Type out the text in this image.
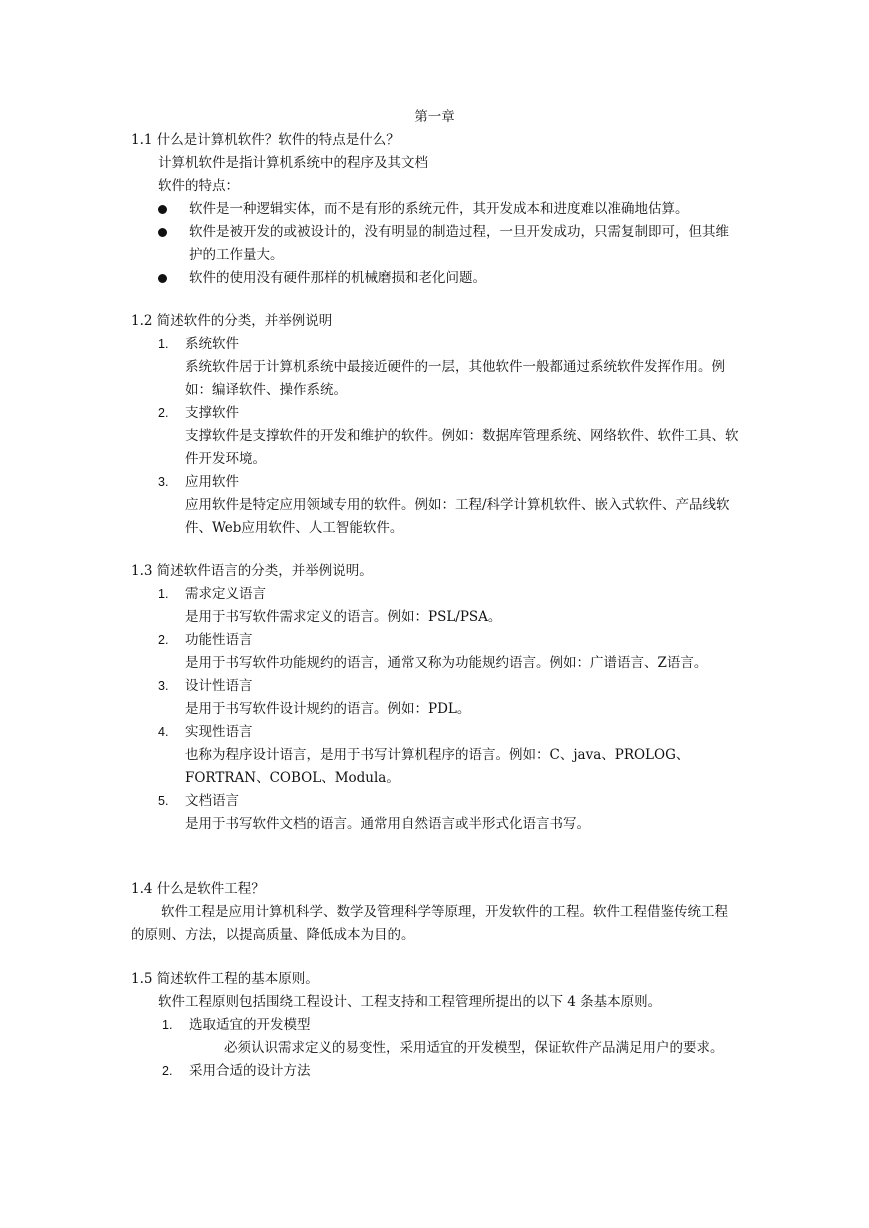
第一章
1.1 什么是计算机软件？软件的特点是什么？
计算机软件是指计算机系统中的程序及其文档
软件的特点：
软件是一种逻辑实体，而不是有形的系统元件，其开发成本和进度难以准确地估算。
软件是被开发的或被设计的，没有明显的制造过程，一旦开发成功，只需复制即可，但其维护的工作量大。
软件的使用没有硬件那样的机械磨损和老化问题。
1.2 简述软件的分类，并举例说明
1. 系统软件
系统软件居于计算机系统中最接近硬件的一层，其他软件一般都通过系统软件发挥作用。例如：编译软件、操作系统。
2. 支撑软件
支撑软件是支撑软件的开发和维护的软件。例如：数据库管理系统、网络软件、软件工具、软件开发环境。
3. 应用软件
应用软件是特定应用领域专用的软件。例如：工程/科学计算机软件、嵌入式软件、产品线软件、Web应用软件、人工智能软件。
1.3 简述软件语言的分类，并举例说明。
1. 需求定义语言
是用于书写软件需求定义的语言。例如：PSL/PSA。
2. 功能性语言
是用于书写软件功能规约的语言，通常又称为功能规约语言。例如：广谱语言、Z语言。
3. 设计性语言
是用于书写软件设计规约的语言。例如：PDL。
4. 实现性语言
也称为程序设计语言，是用于书写计算机程序的语言。例如：C、java、PROLOG、FORTRAN、COBOL、Modula。
5. 文档语言
是用于书写软件文档的语言。通常用自然语言或半形式化语言书写。
1.4 什么是软件工程？
软件工程是应用计算机科学、数学及管理科学等原理，开发软件的工程。软件工程借鉴传统工程的原则、方法，以提高质量、降低成本为目的。
1.5 简述软件工程的基本原则。
软件工程原则包括围绕工程设计、工程支持和工程管理所提出的以下 4 条基本原则。
1. 选取适宜的开发模型
必须认识需求定义的易变性，采用适宜的开发模型，保证软件产品满足用户的要求。
2. 采用合适的设计方法
